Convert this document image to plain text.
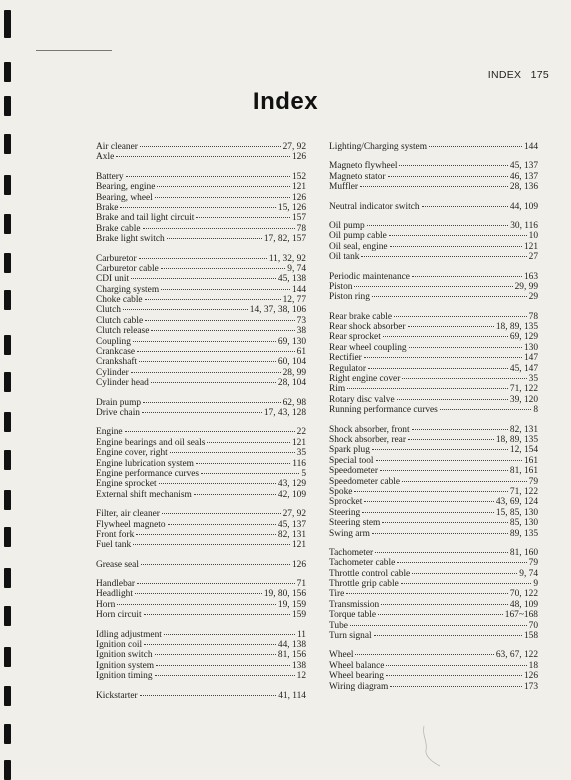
INDEX 175
Index
Air cleaner	27, 92
Axle	126
Battery	152
Bearing, engine	121
Bearing, wheel	126
Brake	15, 126
Brake and tail light circuit	157
Brake cable	78
Brake light switch	17, 82, 157
Carburetor	11, 32, 92
Carburetor cable	9, 74
CDI unit	45, 138
Charging system	144
Choke cable	12, 77
Clutch	14, 37, 38, 106
Clutch cable	73
Clutch release	38
Coupling	69, 130
Crankcase	61
Crankshaft	60, 104
Cylinder	28, 99
Cylinder head	28, 104
Drain pump	62, 98
Drive chain	17, 43, 128
Engine	22
Engine bearings and oil seals	121
Engine cover, right	35
Engine lubrication system	116
Engine performance curves	5
Engine sprocket	43, 129
External shift mechanism	42, 109
Filter, air cleaner	27, 92
Flywheel magneto	45, 137
Front fork	82, 131
Fuel tank	121
Grease seal	126
Handlebar	71
Headlight	19, 80, 156
Horn	19, 159
Horn circuit	159
Idling adjustment	11
Ignition coil	44, 138
Ignition switch	81, 156
Ignition system	138
Ignition timing	12
Kickstarter	41, 114
Lighting/Charging system	144
Magneto flywheel	45, 137
Magneto stator	46, 137
Muffler	28, 136
Neutral indicator switch	44, 109
Oil pump	30, 116
Oil pump cable	10
Oil seal, engine	121
Oil tank	27
Periodic maintenance	163
Piston	29, 99
Piston ring	29
Rear brake cable	78
Rear shock absorber	18, 89, 135
Rear sprocket	69, 129
Rear wheel coupling	130
Rectifier	147
Regulator	45, 147
Right engine cover	35
Rim	71, 122
Rotary disc valve	39, 120
Running performance curves	8
Shock absorber, front	82, 131
Shock absorber, rear	18, 89, 135
Spark plug	12, 154
Special tool	161
Speedometer	81, 161
Speedometer cable	79
Spoke	71, 122
Sprocket	43, 69, 124
Steering	15, 85, 130
Steering stem	85, 130
Swing arm	89, 135
Tachometer	81, 160
Tachometer cable	79
Throttle control cable	9, 74
Throttle grip cable	9
Tire	70, 122
Transmission	48, 109
Torque table	167~168
Tube	70
Turn signal	158
Wheel	63, 67, 122
Wheel balance	18
Wheel bearing	126
Wiring diagram	173
